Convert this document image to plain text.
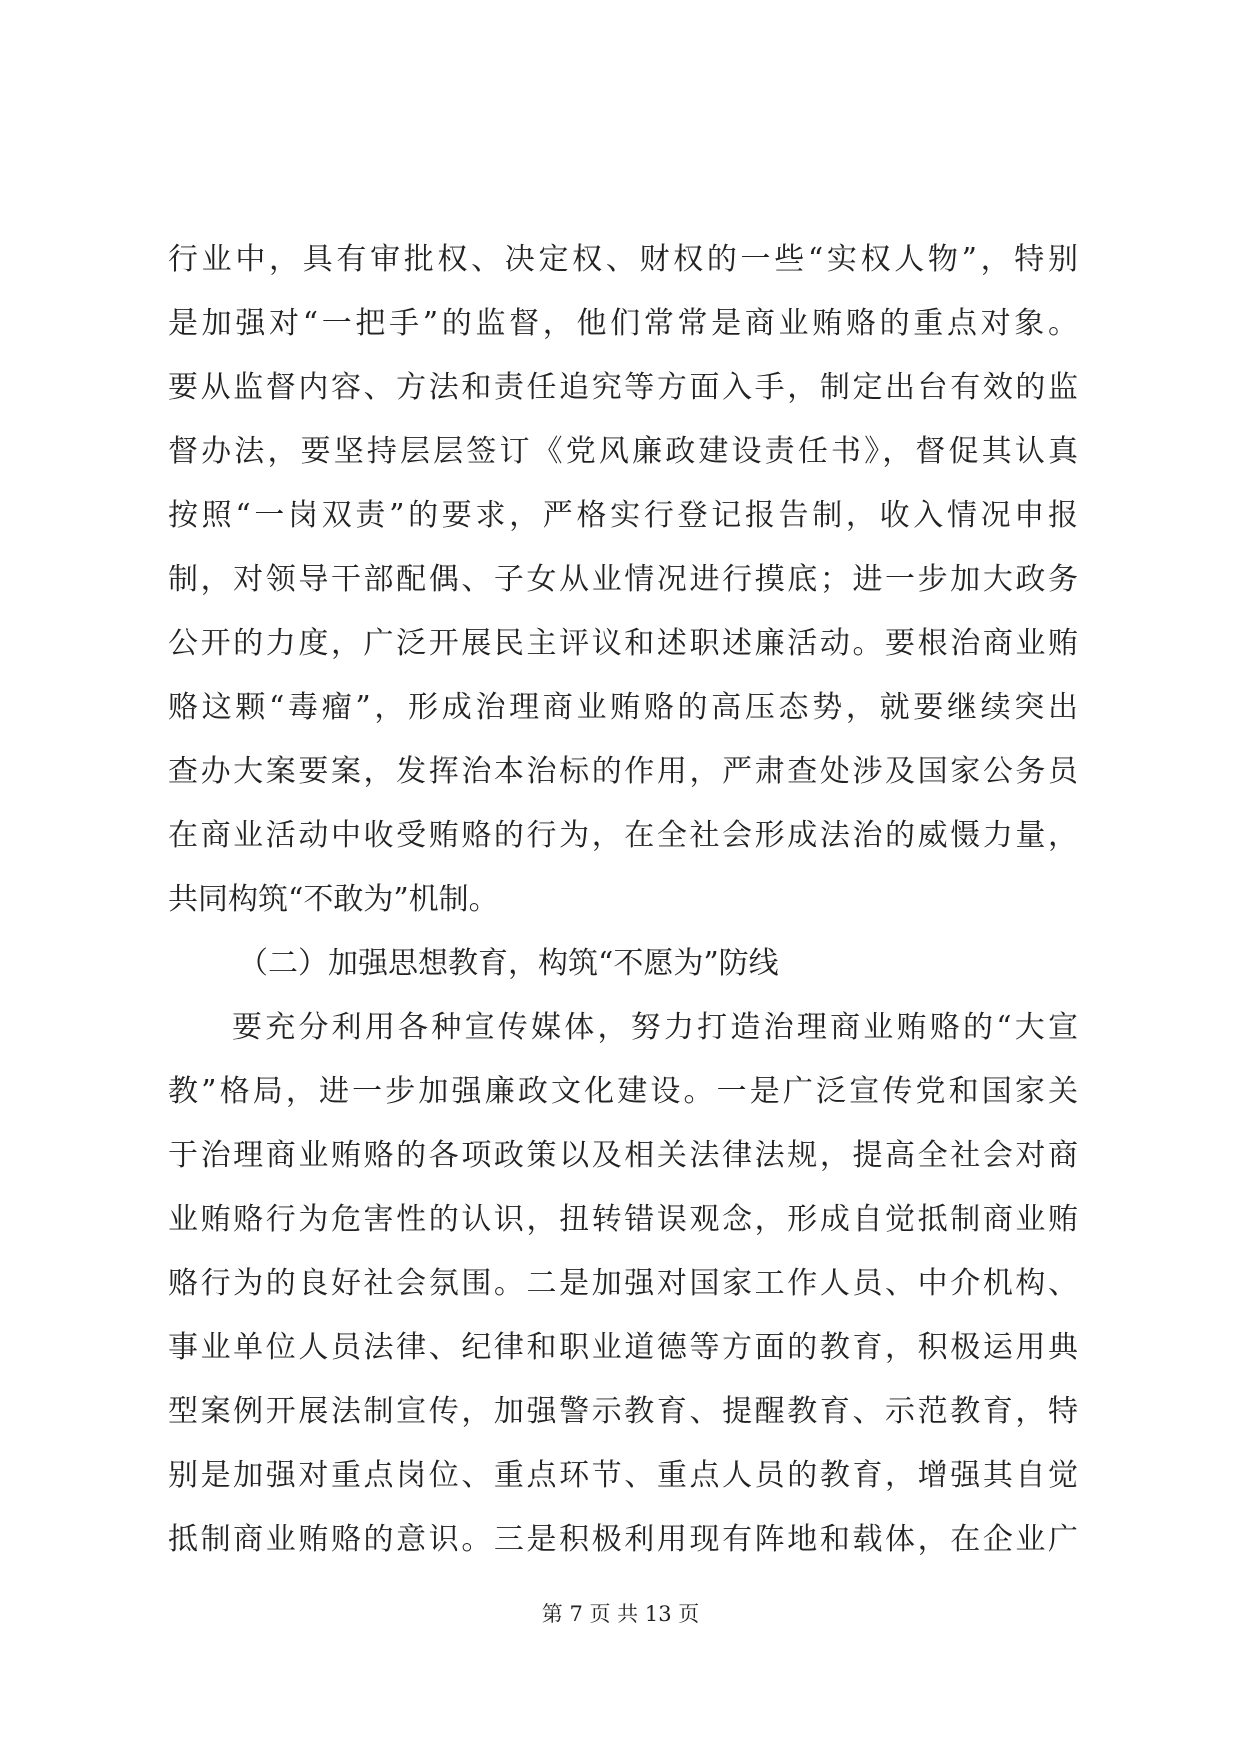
行业中，具有审批权、决定权、财权的一些“实权人物”，特别
是加强对“一把手”的监督，他们常常是商业贿赂的重点对象。
要从监督内容、方法和责任追究等方面入手，制定出台有效的监
督办法，要坚持层层签订《党风廉政建设责任书》，督促其认真
按照“一岗双责”的要求，严格实行登记报告制，收入情况申报
制，对领导干部配偶、子女从业情况进行摸底；进一步加大政务
公开的力度，广泛开展民主评议和述职述廉活动。要根治商业贿
赂这颗“毒瘤”，形成治理商业贿赂的高压态势，就要继续突出
查办大案要案，发挥治本治标的作用，严肃查处涉及国家公务员
在商业活动中收受贿赂的行为，在全社会形成法治的威慑力量，
共同构筑“不敢为”机制。
（二）加强思想教育，构筑“不愿为”防线
要充分利用各种宣传媒体，努力打造治理商业贿赂的“大宣
教”格局，进一步加强廉政文化建设。一是广泛宣传党和国家关
于治理商业贿赂的各项政策以及相关法律法规，提高全社会对商
业贿赂行为危害性的认识，扭转错误观念，形成自觉抵制商业贿
赂行为的良好社会氛围。二是加强对国家工作人员、中介机构、
事业单位人员法律、纪律和职业道德等方面的教育，积极运用典
型案例开展法制宣传，加强警示教育、提醒教育、示范教育，特
别是加强对重点岗位、重点环节、重点人员的教育，增强其自觉
抵制商业贿赂的意识。三是积极利用现有阵地和载体，在企业广
第 7 页 共 13 页
